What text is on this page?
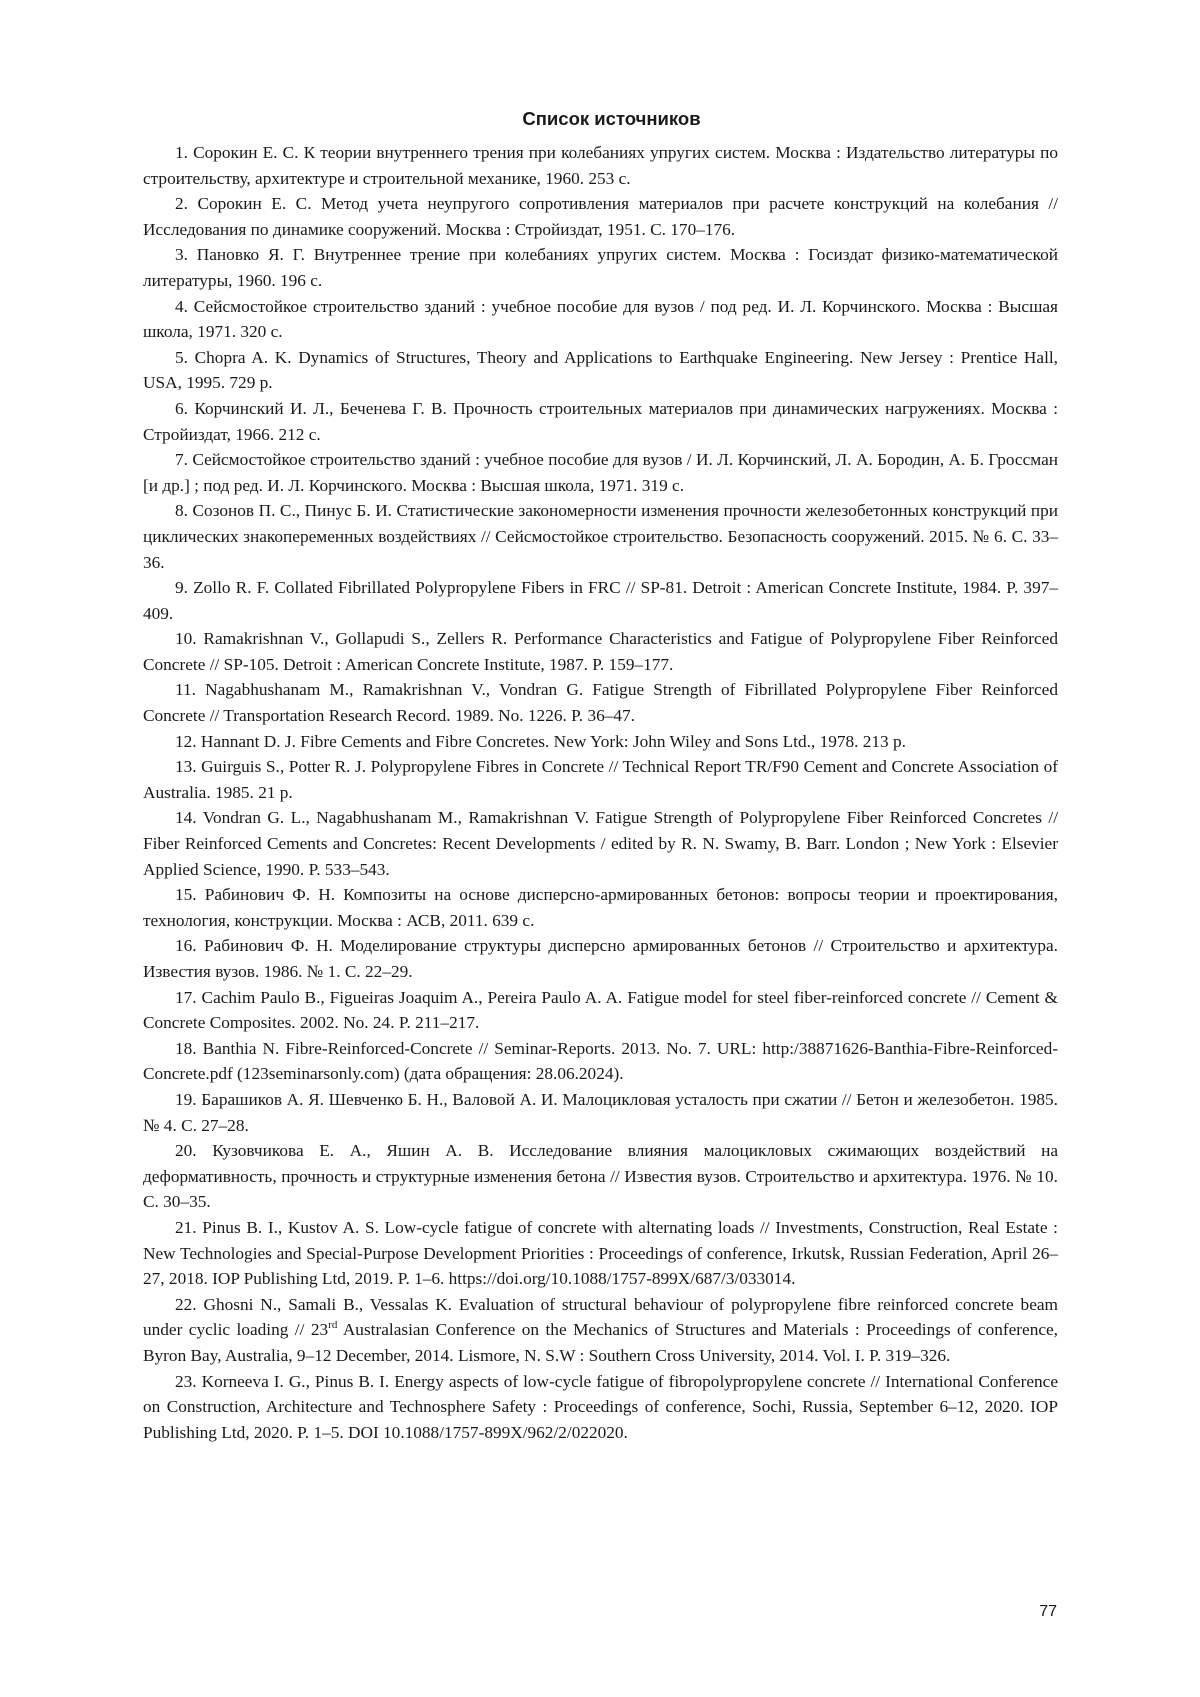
Список источников
1. Сорокин Е. С. К теории внутреннего трения при колебаниях упругих систем. Москва : Издательство литературы по строительству, архитектуре и строительной механике, 1960. 253 с.
2. Сорокин Е. С. Метод учета неупругого сопротивления материалов при расчете конструкций на колебания // Исследования по динамике сооружений. Москва : Стройиздат, 1951. С. 170–176.
3. Пановко Я. Г. Внутреннее трение при колебаниях упругих систем. Москва : Госиздат физико-математической литературы, 1960. 196 с.
4. Сейсмостойкое строительство зданий : учебное пособие для вузов / под ред. И. Л. Корчинского. Москва : Высшая школа, 1971. 320 с.
5. Chopra A. K. Dynamics of Structures, Theory and Applications to Earthquake Engineering. New Jersey : Prentice Hall, USA, 1995. 729 p.
6. Корчинский И. Л., Беченева Г. В. Прочность строительных материалов при динамических нагружениях. Москва : Стройиздат, 1966. 212 с.
7. Сейсмостойкое строительство зданий : учебное пособие для вузов / И. Л. Корчинский, Л. А. Бородин, А. Б. Гроссман [и др.] ; под ред. И. Л. Корчинского. Москва : Высшая школа, 1971. 319 с.
8. Созонов П. С., Пинус Б. И. Статистические закономерности изменения прочности железобетонных конструкций при циклических знакопеременных воздействиях // Сейсмостойкое строительство. Безопасность сооружений. 2015. № 6. С. 33–36.
9. Zollo R. F. Collated Fibrillated Polypropylene Fibers in FRC // SP-81. Detroit : American Concrete Institute, 1984. P. 397–409.
10. Ramakrishnan V., Gollapudi S., Zellers R. Performance Characteristics and Fatigue of Polypropylene Fiber Reinforced Concrete // SP-105. Detroit : American Concrete Institute, 1987. P. 159–177.
11. Nagabhushanam M., Ramakrishnan V., Vondran G. Fatigue Strength of Fibrillated Polypropylene Fiber Reinforced Concrete // Transportation Research Record. 1989. No. 1226. P. 36–47.
12. Hannant D. J. Fibre Cements and Fibre Concretes. New York: John Wiley and Sons Ltd., 1978. 213 p.
13. Guirguis S., Potter R. J. Polypropylene Fibres in Concrete // Technical Report TR/F90 Cement and Concrete Association of Australia. 1985. 21 p.
14. Vondran G. L., Nagabhushanam M., Ramakrishnan V. Fatigue Strength of Polypropylene Fiber Reinforced Concretes // Fiber Reinforced Cements and Concretes: Recent Developments / edited by R. N. Swamy, B. Barr. London ; New York : Elsevier Applied Science, 1990. P. 533–543.
15. Рабинович Ф. Н. Композиты на основе дисперсно-армированных бетонов: вопросы теории и проектирования, технология, конструкции. Москва : АСВ, 2011. 639 с.
16. Рабинович Ф. Н. Моделирование структуры дисперсно армированных бетонов // Строительство и архитектура. Известия вузов. 1986. № 1. С. 22–29.
17. Cachim Paulo B., Figueiras Joaquim A., Pereira Paulo A. A. Fatigue model for steel fiber-reinforced concrete // Cement & Concrete Composites. 2002. No. 24. P. 211–217.
18. Banthia N. Fibre-Reinforced-Concrete // Seminar-Reports. 2013. No. 7. URL: http:/38871626-Banthia-Fibre-Reinforced-Concrete.pdf (123seminarsonly.com) (дата обращения: 28.06.2024).
19. Барашиков А. Я. Шевченко Б. Н., Валовой А. И. Малоцикловая усталость при сжатии // Бетон и железобетон. 1985. № 4. С. 27–28.
20. Кузовчикова Е. А., Яшин А. В. Исследование влияния малоцикловых сжимающих воздействий на деформативность, прочность и структурные изменения бетона // Известия вузов. Строительство и архитектура. 1976. № 10. С. 30–35.
21. Pinus B. I., Kustov A. S. Low-cycle fatigue of concrete with alternating loads // Investments, Construction, Real Estate : New Technologies and Special-Purpose Development Priorities : Proceedings of conference, Irkutsk, Russian Federation, April 26–27, 2018. IOP Publishing Ltd, 2019. P. 1–6. https://doi.org/10.1088/1757-899X/687/3/033014.
22. Ghosni N., Samali B., Vessalas K. Evaluation of structural behaviour of polypropylene fibre reinforced concrete beam under cyclic loading // 23rd Australasian Conference on the Mechanics of Structures and Materials : Proceedings of conference, Byron Bay, Australia, 9–12 December, 2014. Lismore, N. S.W : Southern Cross University, 2014. Vol. I. P. 319–326.
23. Korneeva I. G., Pinus B. I. Energy aspects of low-cycle fatigue of fibropolypropylene concrete // International Conference on Construction, Architecture and Technosphere Safety : Proceedings of conference, Sochi, Russia, September 6–12, 2020. IOP Publishing Ltd, 2020. P. 1–5. DOI 10.1088/1757-899X/962/2/022020.
77
